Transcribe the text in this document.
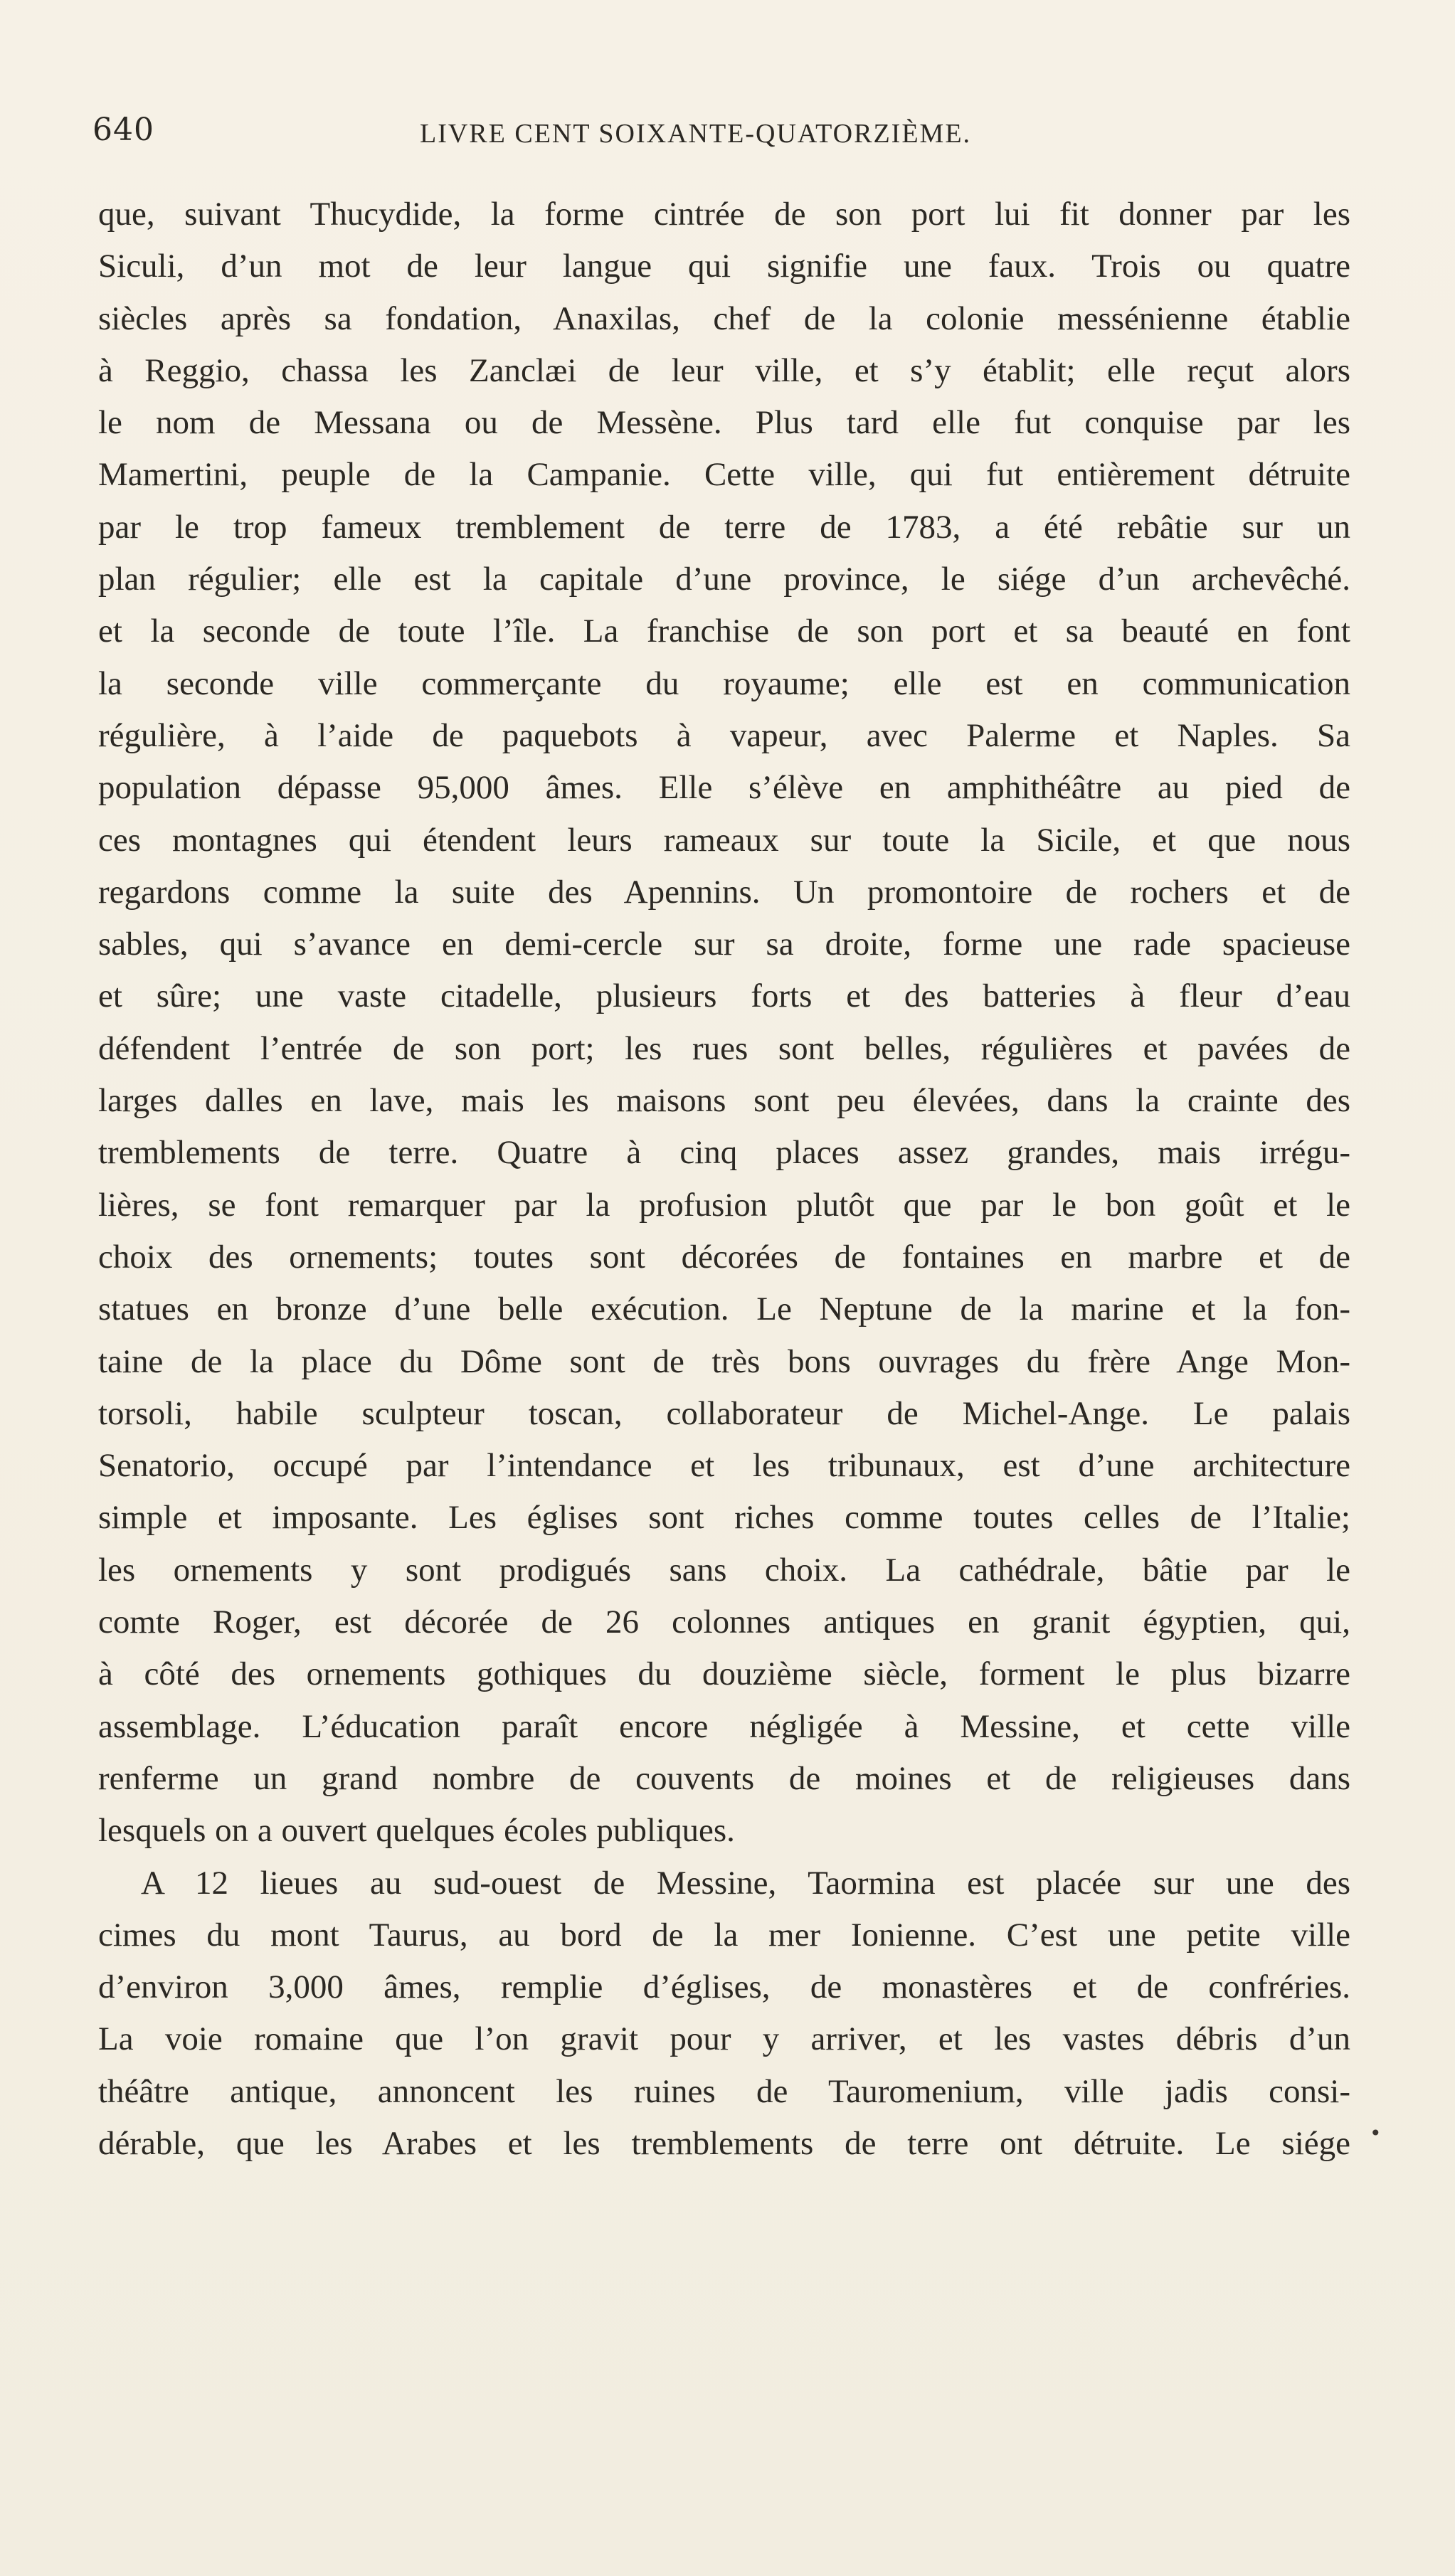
640	LIVRE CENT SOIXANTE-QUATORZIÈME.
que, suivant Thucydide, la forme cintrée de son port lui fit donner par les
Siculi, d’un mot de leur langue qui signifie une faux. Trois ou quatre
siècles après sa fondation, Anaxilas, chef de la colonie messénienne établie
à Reggio, chassa les Zanclæi de leur ville, et s’y établit; elle reçut alors
le nom de Messana ou de Messène. Plus tard elle fut conquise par les
Mamertini, peuple de la Campanie. Cette ville, qui fut entièrement détruite
par le trop fameux tremblement de terre de 1783, a été rebâtie sur un
plan régulier; elle est la capitale d’une province, le siége d’un archevêché.
et la seconde de toute l’île. La franchise de son port et sa beauté en font
la seconde ville commerçante du royaume; elle est en communication
régulière, à l’aide de paquebots à vapeur, avec Palerme et Naples. Sa
population dépasse 95,000 âmes. Elle s’élève en amphithéâtre au pied de
ces montagnes qui étendent leurs rameaux sur toute la Sicile, et que nous
regardons comme la suite des Apennins. Un promontoire de rochers et de
sables, qui s’avance en demi-cercle sur sa droite, forme une rade spacieuse
et sûre; une vaste citadelle, plusieurs forts et des batteries à fleur d’eau
défendent l’entrée de son port; les rues sont belles, régulières et pavées de
larges dalles en lave, mais les maisons sont peu élevées, dans la crainte des
tremblements de terre. Quatre à cinq places assez grandes, mais irrégu-
lières, se font remarquer par la profusion plutôt que par le bon goût et le
choix des ornements; toutes sont décorées de fontaines en marbre et de
statues en bronze d’une belle exécution. Le Neptune de la marine et la fon-
taine de la place du Dôme sont de très bons ouvrages du frère Ange Mon-
torsoli, habile sculpteur toscan, collaborateur de Michel-Ange. Le palais
Senatorio, occupé par l’intendance et les tribunaux, est d’une architecture
simple et imposante. Les églises sont riches comme toutes celles de l’Italie;
les ornements y sont prodigués sans choix. La cathédrale, bâtie par le
comte Roger, est décorée de 26 colonnes antiques en granit égyptien, qui,
à côté des ornements gothiques du douzième siècle, forment le plus bizarre
assemblage. L’éducation paraît encore négligée à Messine, et cette ville
renferme un grand nombre de couvents de moines et de religieuses dans
lesquels on a ouvert quelques écoles publiques.
A 12 lieues au sud-ouest de Messine, Taormina est placée sur une des
cimes du mont Taurus, au bord de la mer Ionienne. C’est une petite ville
d’environ 3,000 âmes, remplie d’églises, de monastères et de confréries.
La voie romaine que l’on gravit pour y arriver, et les vastes débris d’un
théâtre antique, annoncent les ruines de Tauromenium, ville jadis consi-
dérable, que les Arabes et les tremblements de terre ont détruite. Le siége •
